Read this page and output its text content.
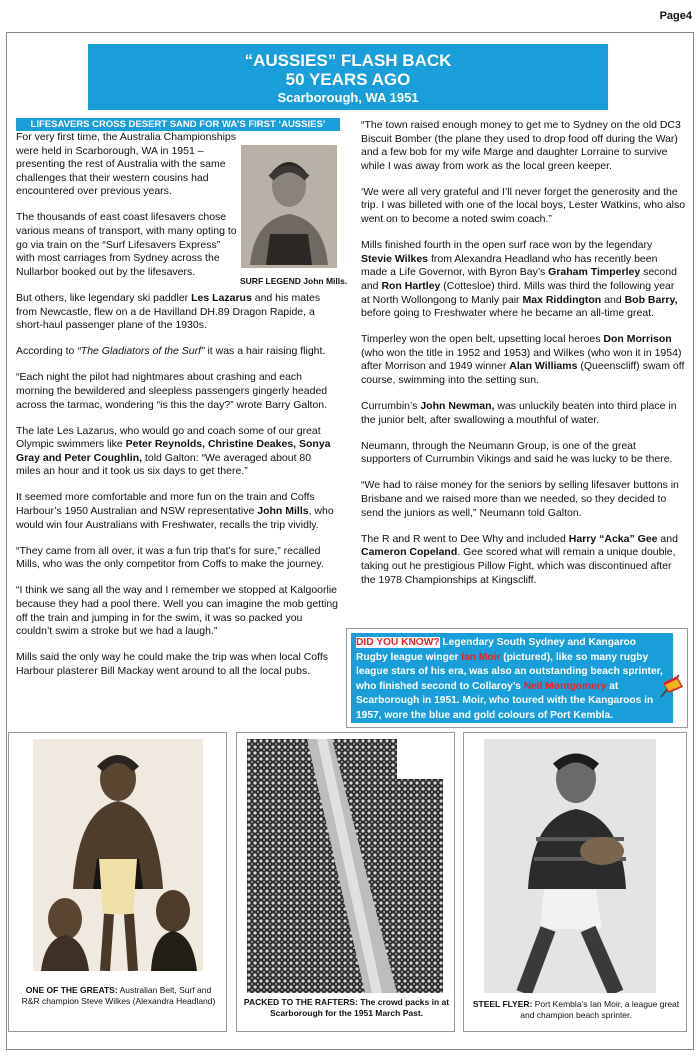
Page4
“AUSSIES” FLASH BACK
50 YEARS AGO
Scarborough, WA 1951
LIFESAVERS CROSS DESERT SAND FOR WA’S FIRST ‘AUSSIES’
SURF LEGEND John Mills.

For very first time, the Australia Championships were held in Scarborough, WA in 1951 – presenting the rest of Australia with the same challenges that their western cousins had encountered over previous years.

The thousands of east coast lifesavers chose various means of transport, with many opting to go via train on the “Surf Lifesavers Express” with most carriages from Sydney across the Nullarbor booked out by the lifesavers.

But others, like legendary ski paddler Les Lazarus and his mates from Newcastle, flew on a de Havilland DH.89 Dragon Rapide, a short-haul passenger plane of the 1930s.

According to “The Gladiators of the Surf” it was a hair raising flight.

“Each night the pilot had nightmares about crashing and each morning the bewildered and sleepless passengers gingerly headed across the tarmac, wondering “is this the day?” wrote Barry Galton.

The late Les Lazarus, who would go and coach some of our great Olympic swimmers like Peter Reynolds, Christine Deakes, Sonya Gray and Peter Coughlin, told Galton: “We averaged about 80 miles an hour and it took us six days to get there.”

It seemed more comfortable and more fun on the train and Coffs Harbour’s 1950 Australian and NSW representative John Mills, who would win four Australians with Freshwater, recalls the trip vividly.

“They came from all over, it was a fun trip that’s for sure,” recalled Mills, who was the only competitor from Coffs to make the journey.

“I think we sang all the way and I remember we stopped at Kalgoorlie because they had a pool there. Well you can imagine the mob getting off the train and jumping in for the swim, it was so packed you couldn’t swim a stroke but we had a laugh.”

Mills said the only way he could make the trip was when local Coffs Harbour plasterer Bill Mackay went around to all the local pubs.

“The town raised enough money to get me to Sydney on the old DC3 Biscuit Bomber (the plane they used to drop food off during the War) and a few bob for my wife Marge and daughter Lorraine to survive while I was away from work as the local green keeper.

‘We were all very grateful and I’ll never forget the generosity and the trip. I was billeted with one of the local boys, Lester Watkins, who also went on to become a noted swim coach.”

Mills finished fourth in the open surf race won by the legendary Stevie Wilkes from Alexandra Headland who has recently been made a Life Governor, with Byron Bay’s Graham Timperley second and Ron Hartley (Cottesloe) third. Mills was third the following year at North Wollongong to Manly pair Max Riddington and Bob Barry, before going to Freshwater where he became an all-time great.

Timperley won the open belt, upsetting local heroes Don Morrison (who won the title in 1952 and 1953) and Wilkes (who won it in 1954) after Morrison and 1949 winner Alan Williams (Queenscliff) swam off course, swimming into the setting sun.

Currumbin’s John Newman, was unluckily beaten into third place in the junior belt, after swallowing a mouthful of water.

Neumann, through the Neumann Group, is one of the great supporters of Currumbin Vikings and said he was lucky to be there.

“We had to raise money for the seniors by selling lifesaver buttons in Brisbane and we raised more than we needed, so they decided to send the juniors as well,” Neumann told Galton.

The R and R went to Dee Why and included Harry “Acka” Gee and Cameron Copeland. Gee scored what will remain a unique double, taking out he prestigious Pillow Fight, which was discontinued after the 1978 Championships at Kingscliff.

DID YOU KNOW? Legendary South Sydney and Kangaroo Rugby league winger Ian Moir (pictured), like so many rugby league stars of his era, was also an outstanding beach sprinter, who finished second to Collaroy’s Neil Montgomery at Scarborough in 1951. Moir, who toured with the Kangaroos in 1957, wore the blue and gold colours of Port Kembla.
ONE OF THE GREATS: Australian Belt, Surf and R&R champion Steve Wilkes (Alexandra Headland)	PACKED TO THE RAFTERS: The crowd packs in at Scarborough for the 1951 March Past.
STEEL FLYER: Port Kembla’s Ian Moir, a league great and champion beach sprinter.
